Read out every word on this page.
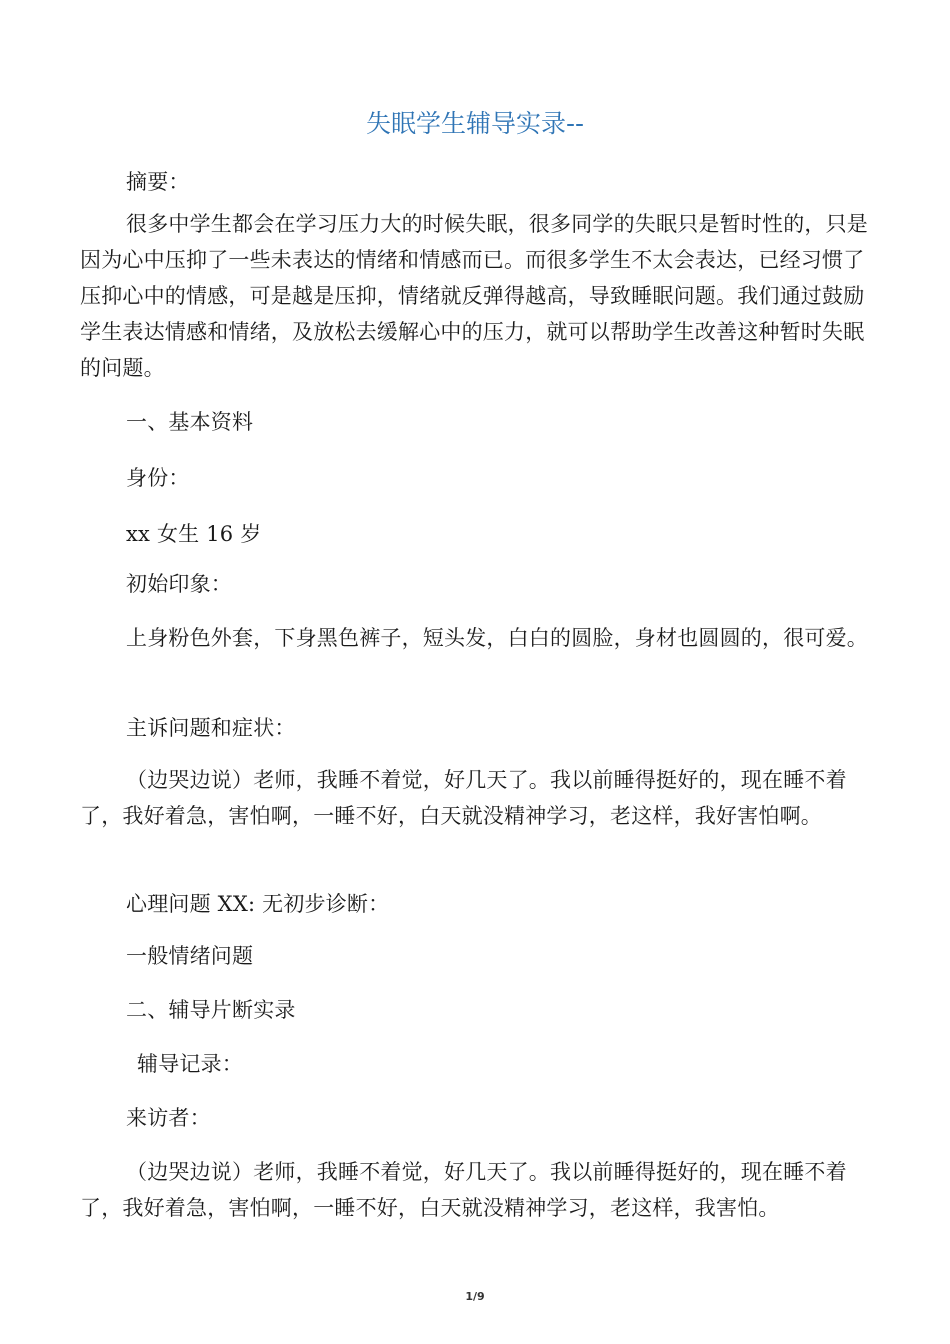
失眠学生辅导实录--

摘要：

很多中学生都会在学习压力大的时候失眠，很多同学的失眠只是暂时性的，只是因为心中压抑了一些未表达的情绪和情感而已。而很多学生不太会表达，已经习惯了压抑心中的情感，可是越是压抑，情绪就反弹得越高，导致睡眠问题。我们通过鼓励学生表达情感和情绪，及放松去缓解心中的压力，就可以帮助学生改善这种暂时失眠的问题。

一、基本资料

身份：

xx 女生 16 岁

初始印象：

上身粉色外套，下身黑色裤子，短头发，白白的圆脸，身材也圆圆的，很可爱。

主诉问题和症状：

（边哭边说）老师，我睡不着觉，好几天了。我以前睡得挺好的，现在睡不着了，我好着急，害怕啊，一睡不好，白天就没精神学习，老这样，我好害怕啊。

心理问题 XX: 无初步诊断：

一般情绪问题

二、辅导片断实录

辅导记录：

来访者：

（边哭边说）老师，我睡不着觉，好几天了。我以前睡得挺好的，现在睡不着了，我好着急，害怕啊，一睡不好，白天就没精神学习，老这样，我害怕。

1/9
